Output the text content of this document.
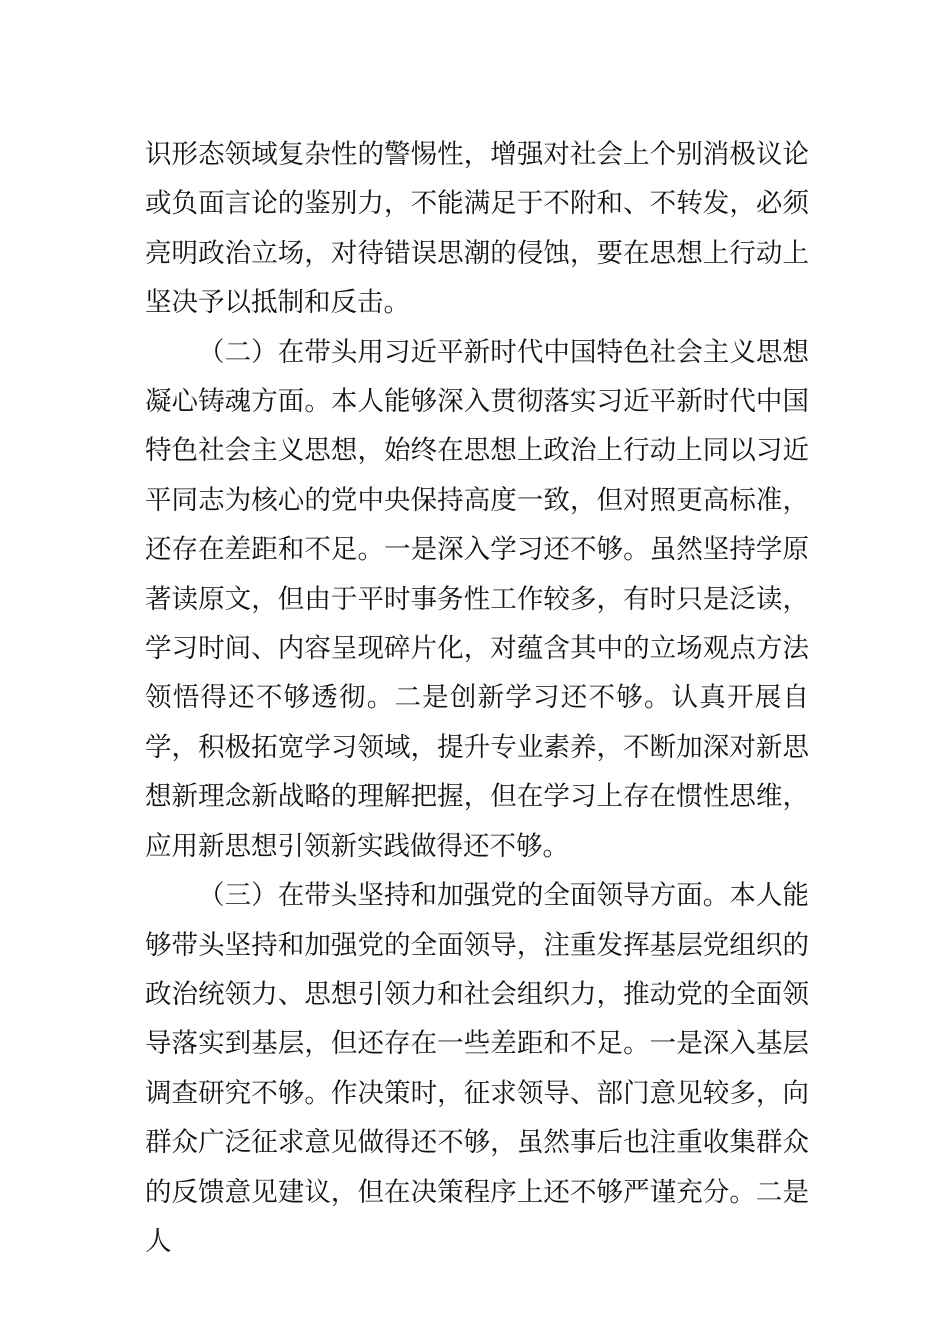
识形态领域复杂性的警惕性，增强对社会上个别消极议论或负面言论的鉴别力，不能满足于不附和、不转发，必须亮明政治立场，对待错误思潮的侵蚀，要在思想上行动上坚决予以抵制和反击。

（二）在带头用习近平新时代中国特色社会主义思想凝心铸魂方面。本人能够深入贯彻落实习近平新时代中国特色社会主义思想，始终在思想上政治上行动上同以习近平同志为核心的党中央保持高度一致，但对照更高标准，还存在差距和不足。一是深入学习还不够。虽然坚持学原著读原文，但由于平时事务性工作较多，有时只是泛读，学习时间、内容呈现碎片化，对蕴含其中的立场观点方法领悟得还不够透彻。二是创新学习还不够。认真开展自学，积极拓宽学习领域，提升专业素养，不断加深对新思想新理念新战略的理解把握，但在学习上存在惯性思维，应用新思想引领新实践做得还不够。

（三）在带头坚持和加强党的全面领导方面。本人能够带头坚持和加强党的全面领导，注重发挥基层党组织的政治统领力、思想引领力和社会组织力，推动党的全面领导落实到基层，但还存在一些差距和不足。一是深入基层调查研究不够。作决策时，征求领导、部门意见较多，向群众广泛征求意见做得还不够，虽然事后也注重收集群众的反馈意见建议，但在决策程序上还不够严谨充分。二是人
